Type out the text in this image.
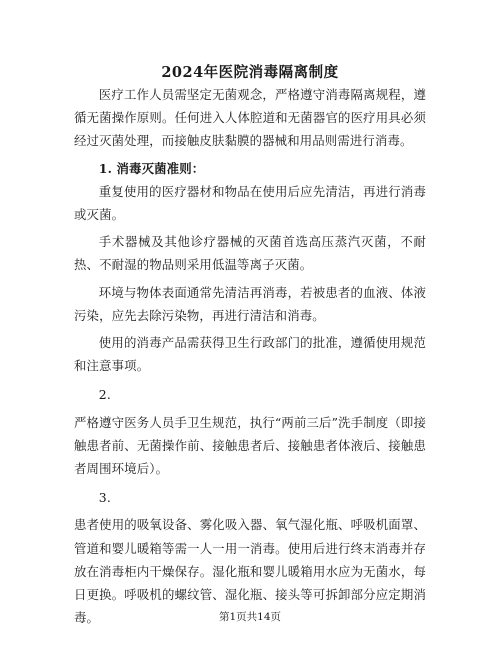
2024年医院消毒隔离制度

医疗工作人员需坚定无菌观念，严格遵守消毒隔离规程，遵循无菌操作原则。任何进入人体腔道和无菌器官的医疗用具必须经过灭菌处理，而接触皮肤黏膜的器械和用品则需进行消毒。

1. 消毒灭菌准则：

重复使用的医疗器材和物品在使用后应先清洁，再进行消毒或灭菌。

手术器械及其他诊疗器械的灭菌首选高压蒸汽灭菌，不耐热、不耐湿的物品则采用低温等离子灭菌。

环境与物体表面通常先清洁再消毒，若被患者的血液、体液污染，应先去除污染物，再进行清洁和消毒。

使用的消毒产品需获得卫生行政部门的批准，遵循使用规范和注意事项。

2.

严格遵守医务人员手卫生规范，执行“两前三后”洗手制度（即接触患者前、无菌操作前、接触患者后、接触患者体液后、接触患者周围环境后）。

3.

患者使用的吸氧设备、雾化吸入器、氧气湿化瓶、呼吸机面罩、管道和婴儿暖箱等需一人一用一消毒。使用后进行终末消毒并存放在消毒柜内干燥保存。湿化瓶和婴儿暖箱用水应为无菌水，每日更换。呼吸机的螺纹管、湿化瓶、接头等可拆卸部分应定期消毒。	第1页共14页
